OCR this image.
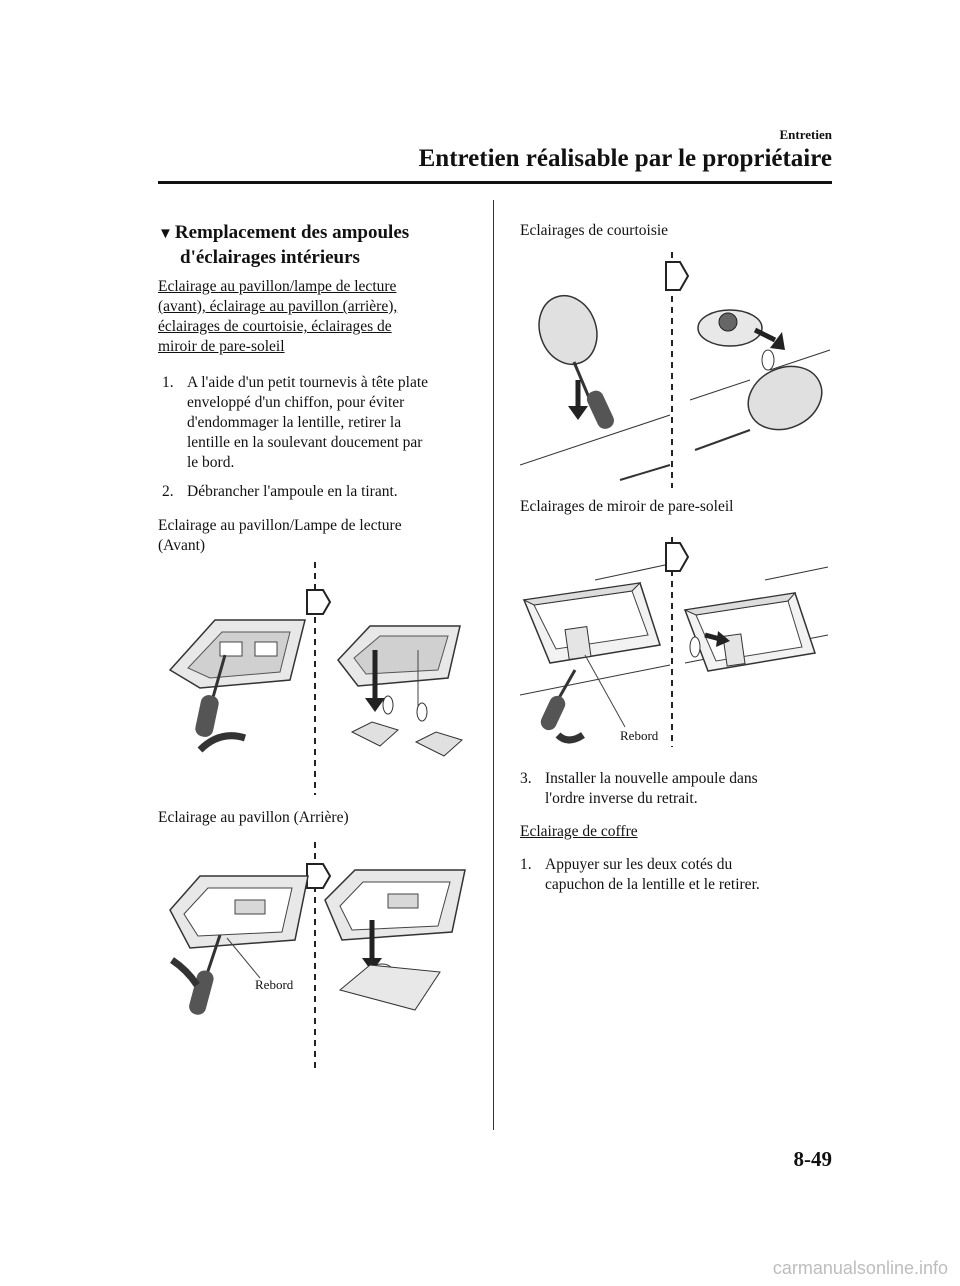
Entretien
Entretien réalisable par le propriétaire
▼ Remplacement des ampoules
d'éclairages intérieurs
Eclairage au pavillon/lampe de lecture
(avant), éclairage au pavillon (arrière),
éclairages de courtoisie, éclairages de
miroir de pare-soleil
1. A l'aide d'un petit tournevis à tête plate
enveloppé d'un chiffon, pour éviter
d'endommager la lentille, retirer la
lentille en la soulevant doucement par
le bord.
2. Débrancher l'ampoule en la tirant.
Eclairage au pavillon/Lampe de lecture
(Avant)
Eclairage au pavillon (Arrière)
Rebord
Eclairages de courtoisie
Eclairages de miroir de pare-soleil
Rebord
3. Installer la nouvelle ampoule dans
l'ordre inverse du retrait.
Eclairage de coffre
1. Appuyer sur les deux cotés du
capuchon de la lentille et le retirer.
8-49
carmanualsonline.info
